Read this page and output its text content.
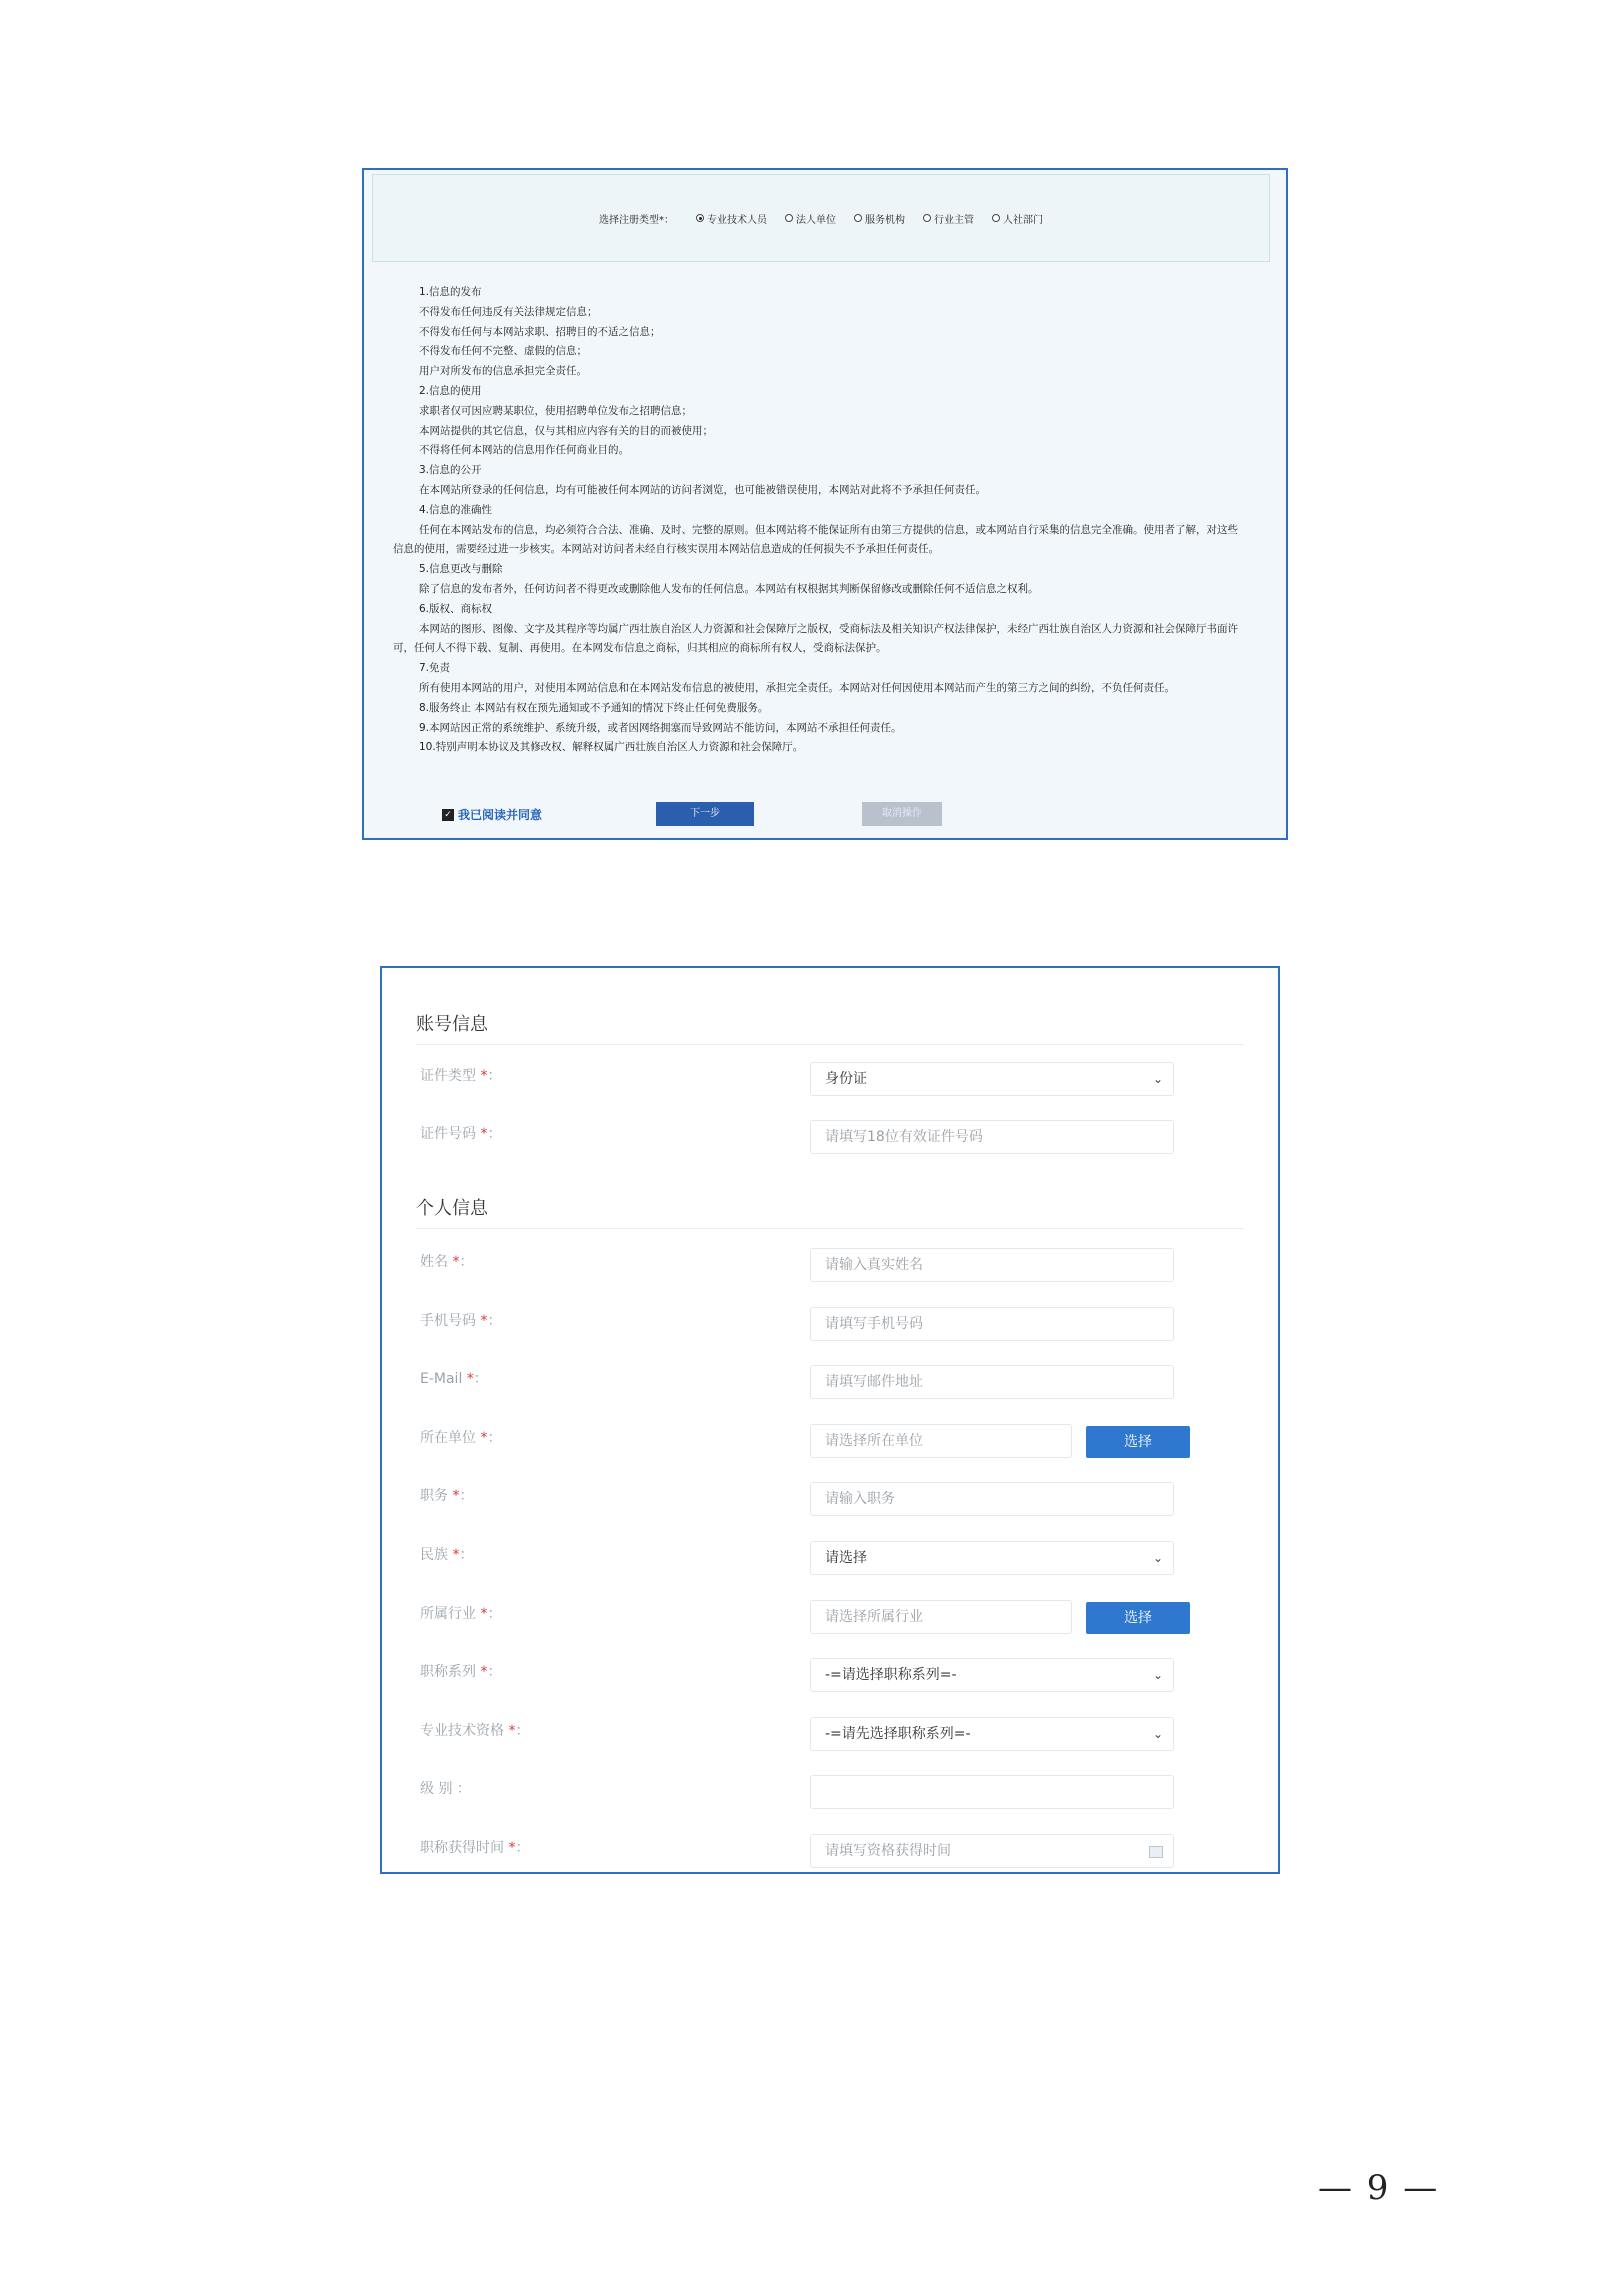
选择注册类型*：	专业技术人员	法人单位	服务机构	行业主管	人社部门

1.信息的发布

不得发布任何违反有关法律规定信息；

不得发布任何与本网站求职、招聘目的不适之信息；

不得发布任何不完整、虚假的信息；

用户对所发布的信息承担完全责任。

2.信息的使用

求职者仅可因应聘某职位，使用招聘单位发布之招聘信息；

本网站提供的其它信息，仅与其相应内容有关的目的而被使用；

不得将任何本网站的信息用作任何商业目的。

3.信息的公开

在本网站所登录的任何信息，均有可能被任何本网站的访问者浏览，也可能被错误使用，本网站对此将不予承担任何责任。

4.信息的准确性

任何在本网站发布的信息，均必须符合合法、准确、及时、完整的原则。但本网站将不能保证所有由第三方提供的信息，或本网站自行采集的信息完全准确。使用者了解，对这些信息的使用，需要经过进一步核实。本网站对访问者未经自行核实误用本网站信息造成的任何损失不予承担任何责任。

5.信息更改与删除

除了信息的发布者外，任何访问者不得更改或删除他人发布的任何信息。本网站有权根据其判断保留修改或删除任何不适信息之权利。

6.版权、商标权

本网站的图形、图像、文字及其程序等均属广西壮族自治区人力资源和社会保障厅之版权，受商标法及相关知识产权法律保护，未经广西壮族自治区人力资源和社会保障厅书面许可，任何人不得下载、复制、再使用。在本网发布信息之商标，归其相应的商标所有权人，受商标法保护。

7.免责

所有使用本网站的用户，对使用本网站信息和在本网站发布信息的被使用，承担完全责任。本网站对任何因使用本网站而产生的第三方之间的纠纷，不负任何责任。

8.服务终止 本网站有权在预先通知或不予通知的情况下终止任何免费服务。

9.本网站因正常的系统维护、系统升级，或者因网络拥塞而导致网站不能访问，本网站不承担任何责任。

10.特别声明本协议及其修改权、解释权属广西壮族自治区人力资源和社会保障厅。

✓ 我已阅读并同意	下一步	取消操作
账号信息
个人信息
证件类型 *：	身份证	⌄
证件号码 *：	请填写18位有效证件号码
姓名 *：	请输入真实姓名
手机号码 *：	请填写手机号码
E-Mail *：	请填写邮件地址
所在单位 *：	请选择所在单位	选择
职务 *：	请输入职务
民族 *：	请选择	⌄
所属行业 *：	请选择所属行业	选择
职称系列 *：	-=请选择职称系列=-	⌄
专业技术资格 *：	-=请先选择职称系列=-	⌄
级 别 ：
职称获得时间 *：	请填写资格获得时间
— 9 —
